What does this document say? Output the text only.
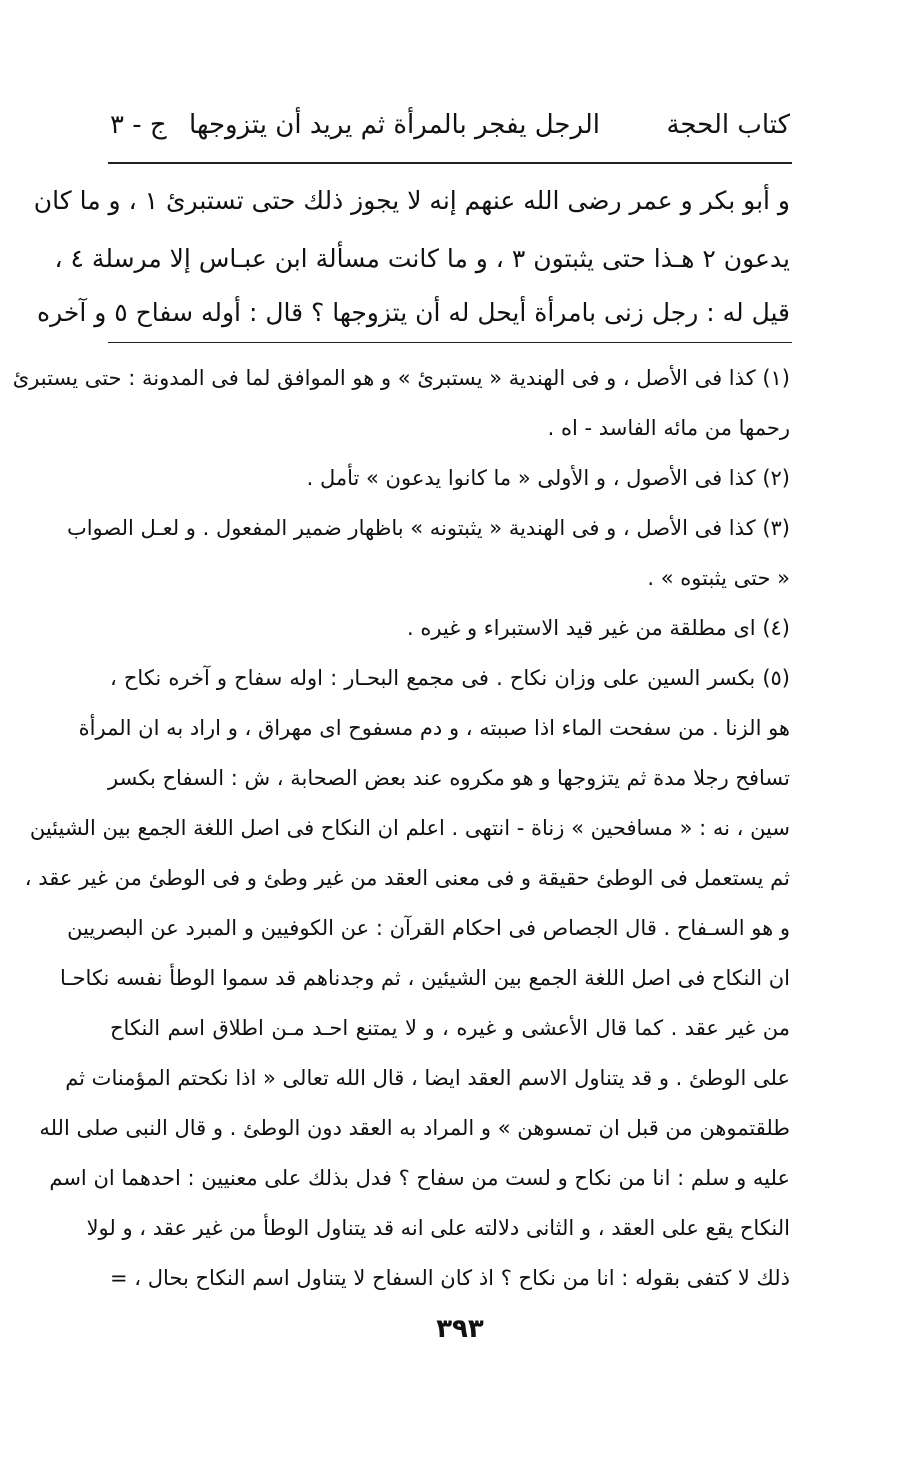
كتاب الحجة
الرجل يفجر بالمرأة ثم يريد أن يتزوجها
ج - ٣
و أبو بكر و عمر رضى الله عنهم إنه لا يجوز ذلك حتى تستبرئ ١ ، و ما كان
يدعون ٢ هـذا حتى يثبتون ٣ ، و ما كانت مسألة ابن عبـاس إلا مرسلة ٤ ،
قيل له : رجل زنى بامرأة أيحل له أن يتزوجها ؟ قال : أوله سفاح ٥ و آخره
(١) كذا فى الأصل ، و فى الهندية « يستبرئ » و هو الموافق لما فى المدونة : حتى يستبرئ
رحمها من مائه الفاسد - اه .
(٢) كذا فى الأصول ، و الأولى « ما كانوا يدعون » تأمل .
(٣) كذا فى الأصل ، و فى الهندية « يثبتونه » باظهار ضمير المفعول . و لعـل الصواب
« حتى يثبتوه » .
(٤) اى مطلقة من غير قيد الاستبراء و غيره .
(٥) بكسر السين على وزان نكاح . فى مجمع البحـار : اوله سفاح و آخره نكاح ،
هو الزنا . من سفحت الماء اذا صببته ، و دم مسفوح اى مهراق ، و اراد به ان المرأة
تسافح رجلا مدة ثم يتزوجها و هو مكروه عند بعض الصحابة ، ش : السفاح بكسر
سين ، نه : « مسافحين » زناة - انتهى . اعلم ان النكاح فى اصل اللغة الجمع بين الشيئين
ثم يستعمل فى الوطئ حقيقة و فى معنى العقد من غير وطئ و فى الوطئ من غير عقد ،
و هو السـفاح . قال الجصاص فى احكام القرآن : عن الكوفيين و المبرد عن البصريين
ان النكاح فى اصل اللغة الجمع بين الشيئين ، ثم وجدناهم قد سموا الوطأ نفسه نكاحـا
من غير عقد . كما قال الأعشى و غيره ، و لا يمتنع احـد مـن اطلاق اسم النكاح
على الوطئ . و قد يتناول الاسم العقد ايضا ، قال الله تعالى « اذا نكحتم المؤمنات ثم
طلقتموهن من قبل ان تمسوهن » و المراد به العقد دون الوطئ . و قال النبى صلى الله
عليه و سلم : انا من نكاح و لست من سفاح ؟ فدل بذلك على معنيين : احدهما ان اسم
النكاح يقع على العقد ، و الثانى دلالته على انه قد يتناول الوطأ من غير عقد ، و لولا
ذلك لا كتفى بقوله : انا من نكاح ؟ اذ كان السفاح لا يتناول اسم النكاح بحال ، =
٣٩٣
